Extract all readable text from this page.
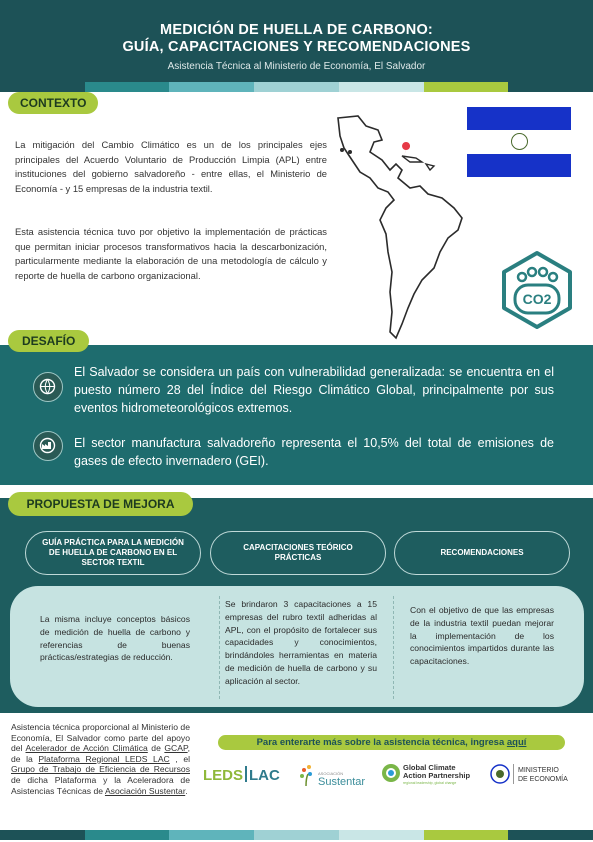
MEDICIÓN DE HUELLA DE CARBONO:
GUÍA, CAPACITACIONES Y RECOMENDACIONES
Asistencia Técnica al Ministerio de Economía, El Salvador
CONTEXTO
La mitigación del Cambio Climático es un de los principales ejes principales del Acuerdo Voluntario de Producción Limpia (APL) entre instituciones del gobierno salvadoreño - entre ellas, el Ministerio de Economía - y 15 empresas de la industria textil.
Esta asistencia técnica tuvo por objetivo la implementación de prácticas que permitan iniciar procesos transformativos hacia la descarbonización, particularmente mediante la elaboración de una metodología de cálculo y reporte de huella de carbono organizacional.
CO2
DESAFÍO
El Salvador se considera un país con vulnerabilidad generalizada: se encuentra en el puesto número 28 del Índice del Riesgo Climático Global, principalmente por sus eventos hidrometeorológicos extremos.
El sector manufactura salvadoreño representa el 10,5% del total de emisiones de gases de efecto invernadero (GEI).
PROPUESTA DE MEJORA
GUÍA PRÁCTICA PARA LA MEDICIÓN DE HUELLA DE CARBONO EN EL SECTOR TEXTIL
CAPACITACIONES TEÓRICO PRÁCTICAS
RECOMENDACIONES
La misma incluye conceptos básicos de medición de huella de carbono y referencias de buenas prácticas/estrategias de reducción.
Se brindaron 3 capacitaciones a 15 empresas del rubro textil adheridas al APL, con el propósito de fortalecer sus capacidades y conocimientos, brindándoles herramientas en materia de medición de huella de carbono y su aplicación al sector.
Con el objetivo de que las empresas de la industria textil puedan mejorar la implementación de los conocimientos impartidos durante las capacitaciones.
Asistencia técnica proporcional al Ministerio de Economía, El Salvador como parte del apoyo del Acelerador de Acción Climática de GCAP, de la Plataforma Regional LEDS LAC , el Grupo de Trabajo de Eficiencia de Recursos de dicha Plataforma y la Aceleradora de Asistencias Técnicas de Asociación Sustentar.
Para enterarte más sobre la asistencia técnica, ingresa aquí
LEDS LAC	ASOCIACIÓN
Sustentar
Global Climate
Action Partnership
regional leadership, global change
MINISTERIO
DE ECONOMÍA
